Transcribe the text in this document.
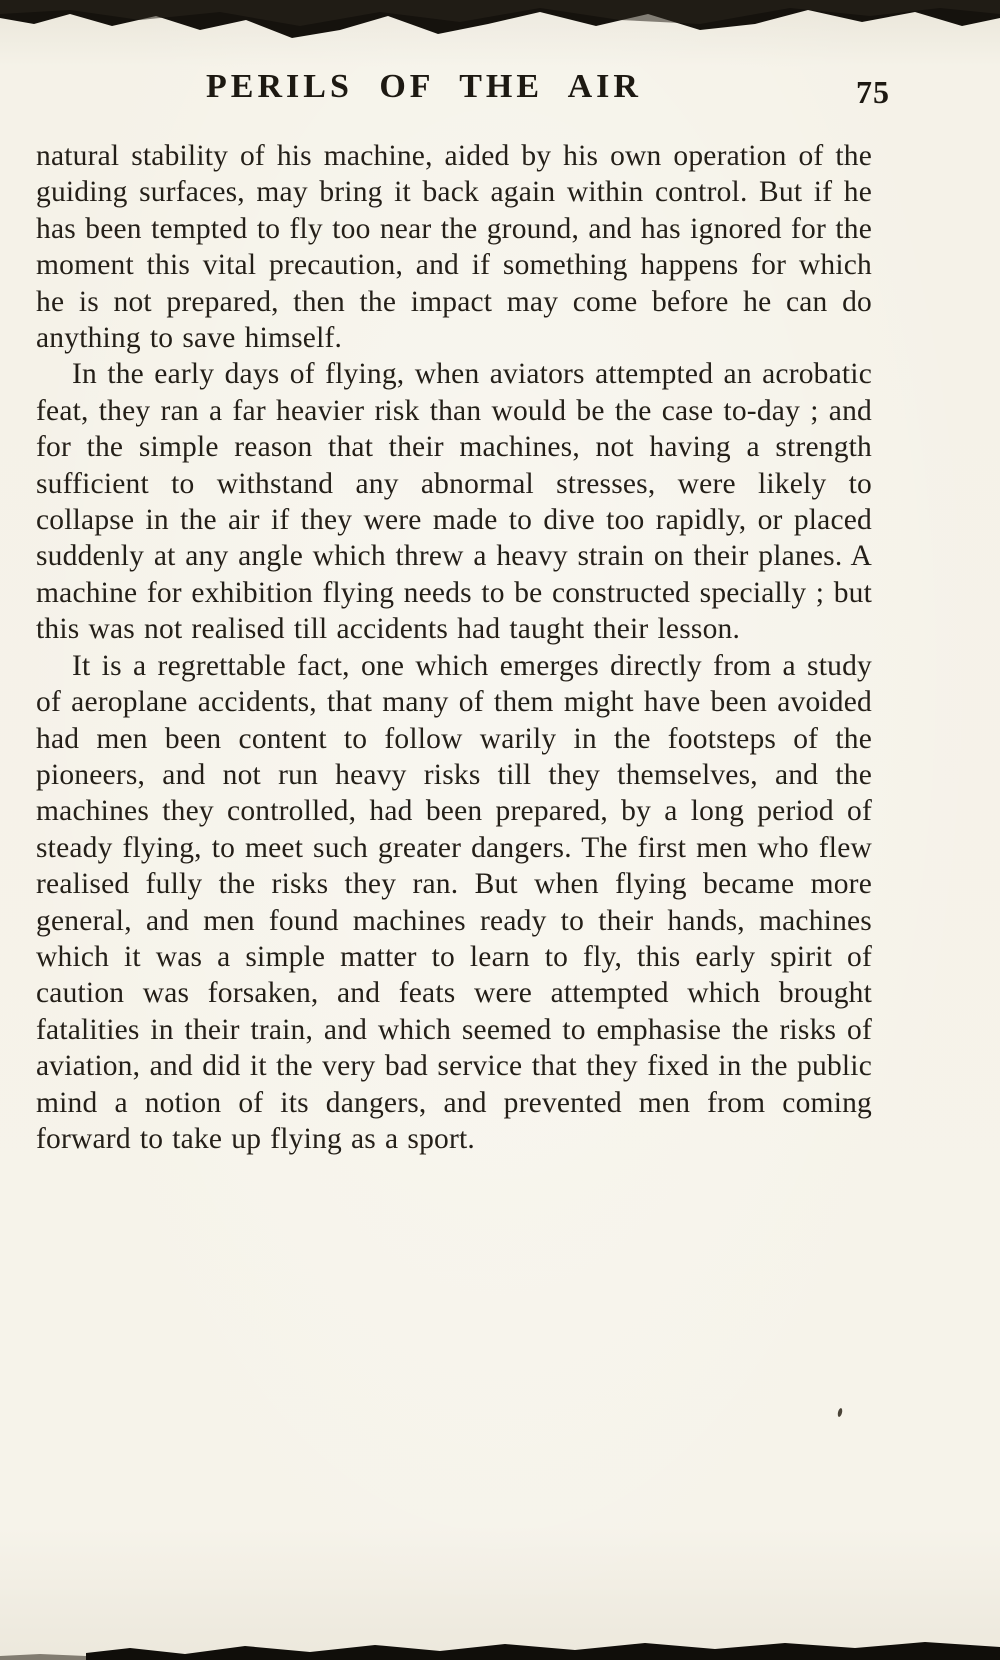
PERILS OF THE AIR	75

natural stability of his machine, aided by his own operation of the guiding surfaces, may bring it back again within control. But if he has been tempted to fly too near the ground, and has ignored for the moment this vital precaution, and if something happens for which he is not prepared, then the impact may come before he can do anything to save himself.

In the early days of flying, when aviators attempted an acrobatic feat, they ran a far heavier risk than would be the case to-day ; and for the simple reason that their machines, not having a strength sufficient to withstand any abnormal stresses, were likely to collapse in the air if they were made to dive too rapidly, or placed suddenly at any angle which threw a heavy strain on their planes. A machine for exhibition flying needs to be constructed specially ; but this was not realised till accidents had taught their lesson.

It is a regrettable fact, one which emerges directly from a study of aeroplane accidents, that many of them might have been avoided had men been content to follow warily in the footsteps of the pioneers, and not run heavy risks till they themselves, and the machines they controlled, had been prepared, by a long period of steady flying, to meet such greater dangers. The first men who flew realised fully the risks they ran. But when flying became more general, and men found machines ready to their hands, machines which it was a simple matter to learn to fly, this early spirit of caution was forsaken, and feats were attempted which brought fatalities in their train, and which seemed to emphasise the risks of aviation, and did it the very bad service that they fixed in the public mind a notion of its dangers, and prevented men from coming forward to take up flying as a sport.
